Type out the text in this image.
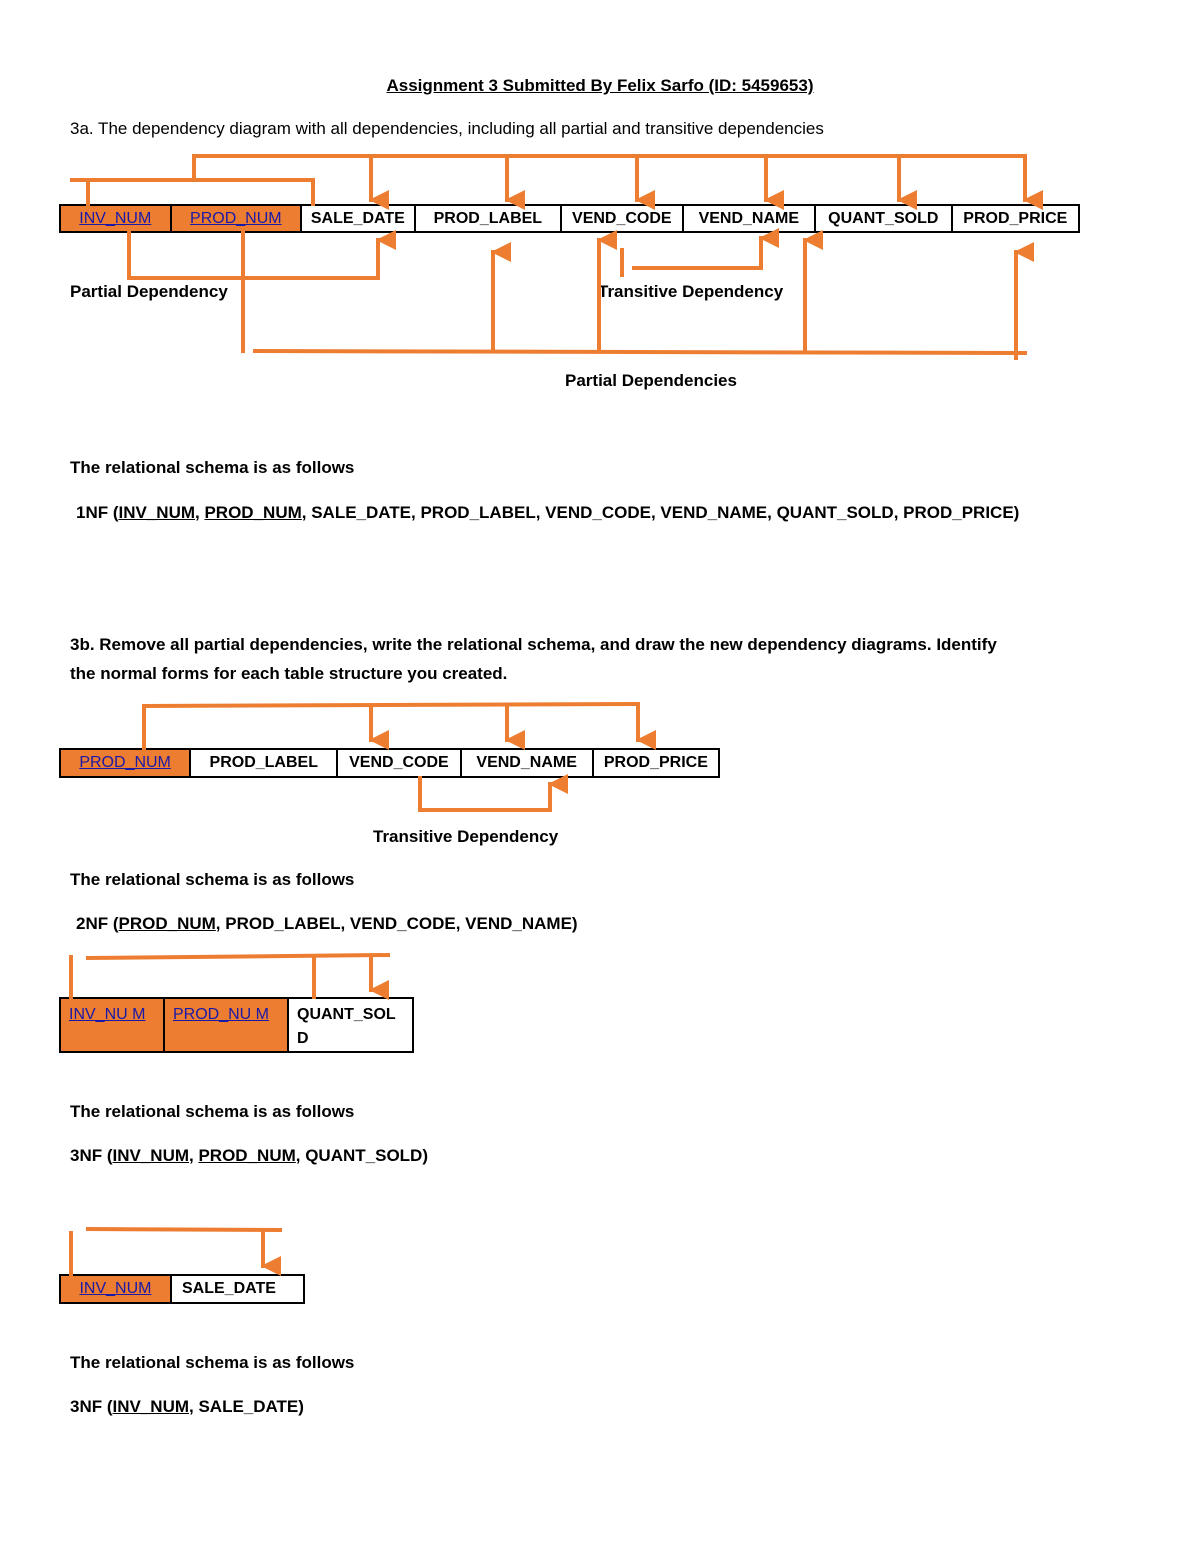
Assignment 3 Submitted By Felix Sarfo (ID: 5459653)
3a. The dependency diagram with all dependencies, including all partial and transitive dependencies
INV_NUM	PROD_NUM	SALE_DATE	PROD_LABEL	VEND_CODE	VEND_NAME	QUANT_SOLD	PROD_PRICE
Partial Dependency	Transitive Dependency
Partial Dependencies
The relational schema is as follows
1NF (INV_NUM, PROD_NUM, SALE_DATE, PROD_LABEL, VEND_CODE, VEND_NAME, QUANT_SOLD, PROD_PRICE)
3b. Remove all partial dependencies, write the relational schema, and draw the new dependency diagrams. Identify
the normal forms for each table structure you created.
PROD_NUM	PROD_LABEL	VEND_CODE	VEND_NAME	PROD_PRICE
Transitive Dependency
The relational schema is as follows
2NF (PROD_NUM, PROD_LABEL, VEND_CODE, VEND_NAME)
INV_NU M	PROD_NU M	QUANT_SOL D
The relational schema is as follows
3NF (INV_NUM, PROD_NUM, QUANT_SOLD)
INV_NUM	SALE_DATE
The relational schema is as follows
3NF (INV_NUM, SALE_DATE)
